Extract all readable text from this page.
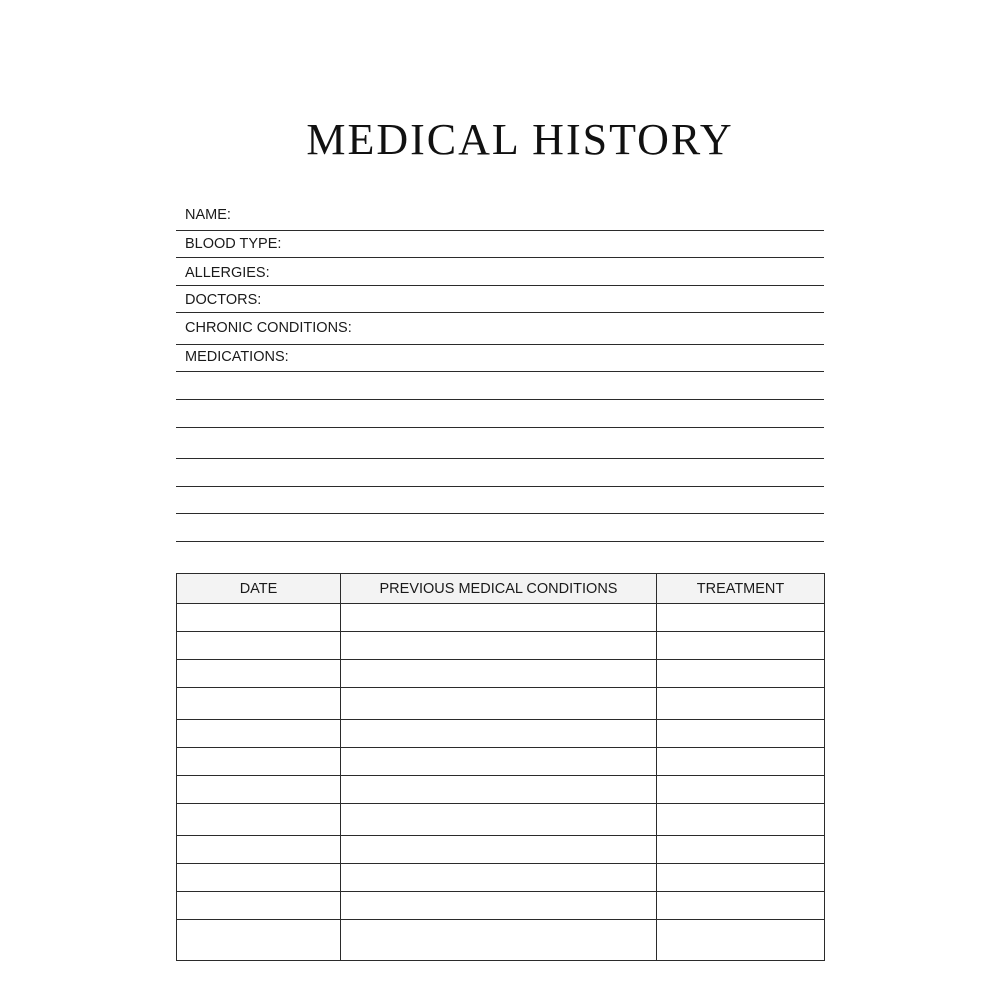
MEDICAL HISTORY
NAME:
BLOOD TYPE:
ALLERGIES:
DOCTORS:
CHRONIC CONDITIONS:
MEDICATIONS:
DATE	PREVIOUS MEDICAL CONDITIONS	TREATMENT
